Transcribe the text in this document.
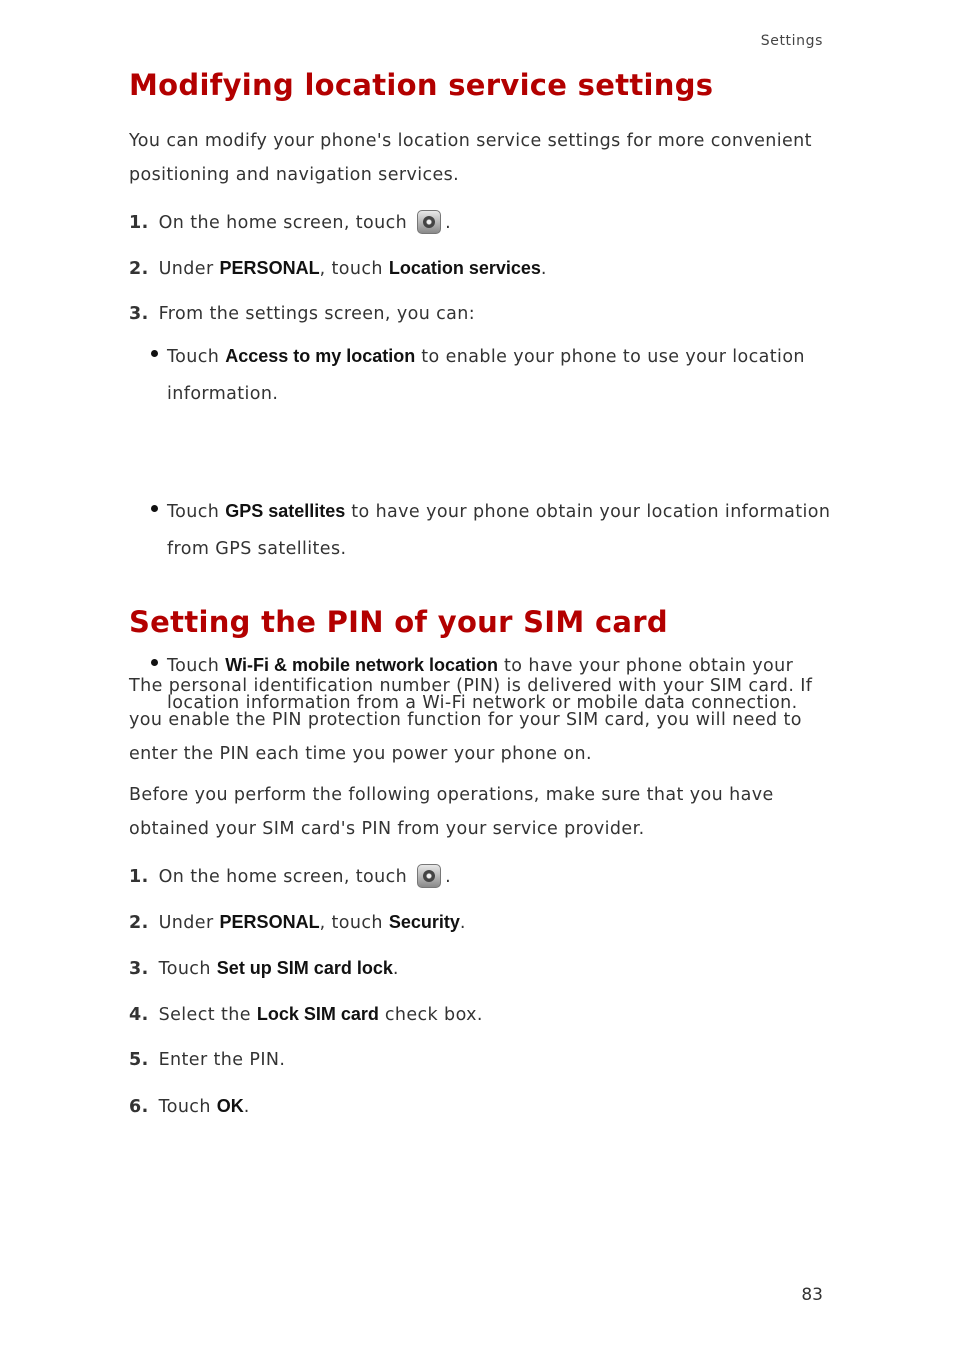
Settings
Modifying location service settings

You can modify your phone's location service settings for more convenient positioning and navigation services.

1. On the home screen, touch .
2. Under PERSONAL, touch Location services.
3. From the settings screen, you can:
Touch Access to my location to enable your phone to use your location information.
Touch GPS satellites to have your phone obtain your location information from GPS satellites.
Touch Wi-Fi & mobile network location to have your phone obtain your location information from a Wi-Fi network or mobile data connection.
Setting the PIN of your SIM card

The personal identification number (PIN) is delivered with your SIM card. If you enable the PIN protection function for your SIM card, you will need to enter the PIN each time you power your phone on.

Before you perform the following operations, make sure that you have obtained your SIM card's PIN from your service provider.

1. On the home screen, touch .
2. Under PERSONAL, touch Security.
3. Touch Set up SIM card lock.
4. Select the Lock SIM card check box.
5. Enter the PIN.
6. Touch OK.
83
